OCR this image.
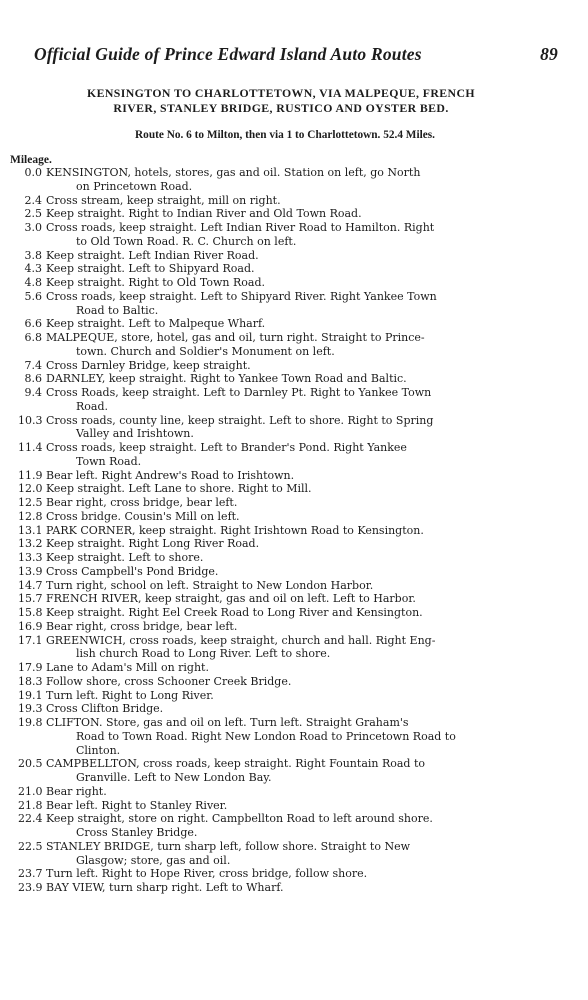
Official Guide of Prince Edward Island Auto Routes	89
KENSINGTON TO CHARLOTTETOWN, VIA MALPEQUE, FRENCH
RIVER, STANLEY BRIDGE, RUSTICO AND OYSTER BED.
Route No. 6 to Milton, then via 1 to Charlottetown. 52.4 Miles.
Mileage.
0.0 KENSINGTON, hotels, stores, gas and oil. Station on left, go North
on Princetown Road.
2.4 Cross stream, keep straight, mill on right.
2.5 Keep straight. Right to Indian River and Old Town Road.
3.0 Cross roads, keep straight. Left Indian River Road to Hamilton. Right
to Old Town Road. R. C. Church on left.
3.8 Keep straight. Left Indian River Road.
4.3 Keep straight. Left to Shipyard Road.
4.8 Keep straight. Right to Old Town Road.
5.6 Cross roads, keep straight. Left to Shipyard River. Right Yankee Town
Road to Baltic.
6.6 Keep straight. Left to Malpeque Wharf.
6.8 MALPEQUE, store, hotel, gas and oil, turn right. Straight to Prince-
town. Church and Soldier's Monument on left.
7.4 Cross Darnley Bridge, keep straight.
8.6 DARNLEY, keep straight. Right to Yankee Town Road and Baltic.
9.4 Cross Roads, keep straight. Left to Darnley Pt. Right to Yankee Town
Road.
10.3 Cross roads, county line, keep straight. Left to shore. Right to Spring
Valley and Irishtown.
11.4 Cross roads, keep straight. Left to Brander's Pond. Right Yankee
Town Road.
11.9 Bear left. Right Andrew's Road to Irishtown.
12.0 Keep straight. Left Lane to shore. Right to Mill.
12.5 Bear right, cross bridge, bear left.
12.8 Cross bridge. Cousin's Mill on left.
13.1 PARK CORNER, keep straight. Right Irishtown Road to Kensington.
13.2 Keep straight. Right Long River Road.
13.3 Keep straight. Left to shore.
13.9 Cross Campbell's Pond Bridge.
14.7 Turn right, school on left. Straight to New London Harbor.
15.7 FRENCH RIVER, keep straight, gas and oil on left. Left to Harbor.
15.8 Keep straight. Right Eel Creek Road to Long River and Kensington.
16.9 Bear right, cross bridge, bear left.
17.1 GREENWICH, cross roads, keep straight, church and hall. Right Eng-
lish church Road to Long River. Left to shore.
17.9 Lane to Adam's Mill on right.
18.3 Follow shore, cross Schooner Creek Bridge.
19.1 Turn left. Right to Long River.
19.3 Cross Clifton Bridge.
19.8 CLIFTON. Store, gas and oil on left. Turn left. Straight Graham's
Road to Town Road. Right New London Road to Princetown Road to
Clinton.
20.5 CAMPBELLTON, cross roads, keep straight. Right Fountain Road to
Granville. Left to New London Bay.
21.0 Bear right.
21.8 Bear left. Right to Stanley River.
22.4 Keep straight, store on right. Campbellton Road to left around shore.
Cross Stanley Bridge.
22.5 STANLEY BRIDGE, turn sharp left, follow shore. Straight to New
Glasgow; store, gas and oil.
23.7 Turn left. Right to Hope River, cross bridge, follow shore.
23.9 BAY VIEW, turn sharp right. Left to Wharf.
